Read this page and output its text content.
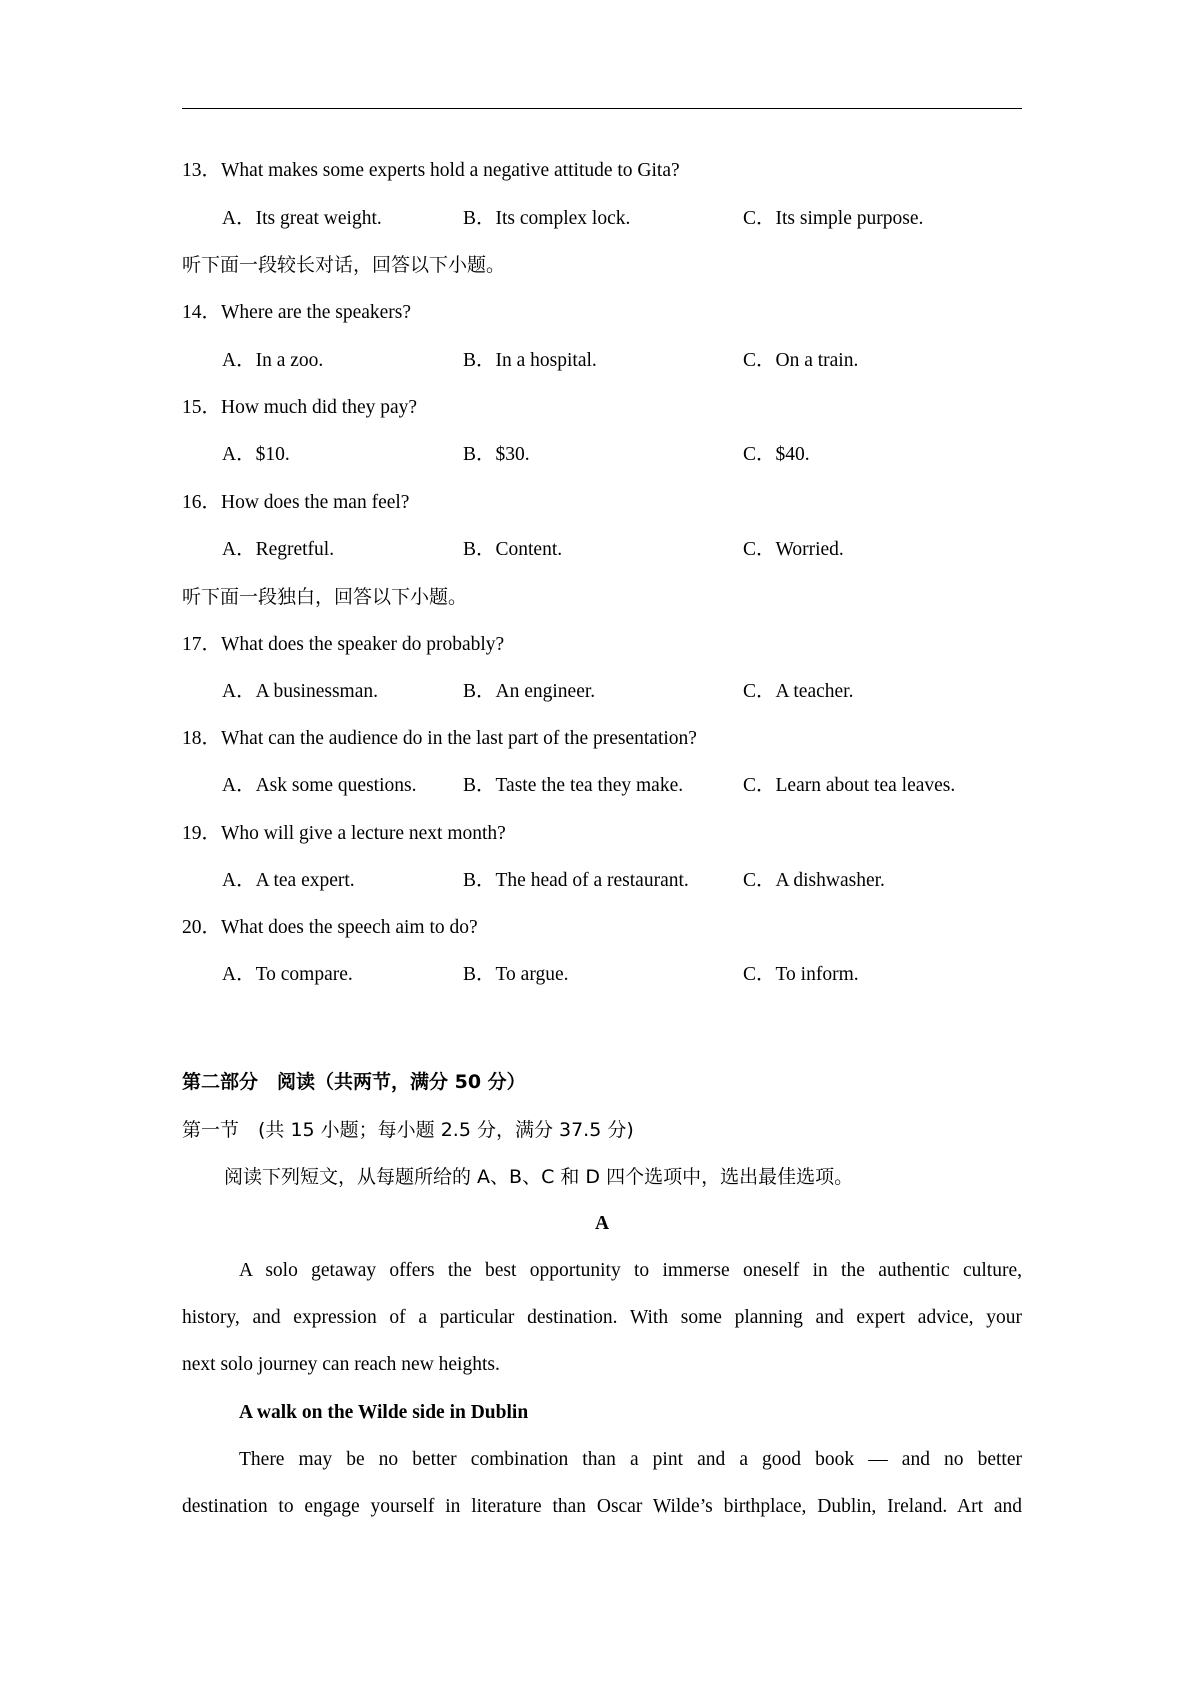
13．What makes some experts hold a negative attitude to Gita?
A．Its great weight.	B．Its complex lock.	C．Its simple purpose.
听下面一段较长对话，回答以下小题。
14．Where are the speakers?
A．In a zoo.	B．In a hospital.	C．On a train.
15．How much did they pay?
A．$10.	B．$30.	C．$40.
16．How does the man feel?
A．Regretful.	B．Content.	C．Worried.
听下面一段独白，回答以下小题。
17．What does the speaker do probably?
A．A businessman.	B．An engineer.	C．A teacher.
18．What can the audience do in the last part of the presentation?
A．Ask some questions. B．Taste the tea they make.	C．Learn about tea leaves.
19．Who will give a lecture next month?
A．A tea expert.	B．The head of a restaurant.	C．A dishwasher.
20．What does the speech aim to do?
A．To compare.	B．To argue.	C．To inform.
第二部分　阅读（共两节，满分 50 分）
第一节　(共 15 小题；每小题 2.5 分，满分 37.5 分)
阅读下列短文，从每题所给的 A、B、C 和 D 四个选项中，选出最佳选项。
A
A solo getaway offers the best opportunity to immerse oneself in the authentic culture,
history, and expression of a particular destination. With some planning and expert advice, your
next solo journey can reach new heights.
A walk on the Wilde side in Dublin
There may be no better combination than a pint and a good book — and no better
destination to engage yourself in literature than Oscar Wilde’s birthplace, Dublin, Ireland. Art and
